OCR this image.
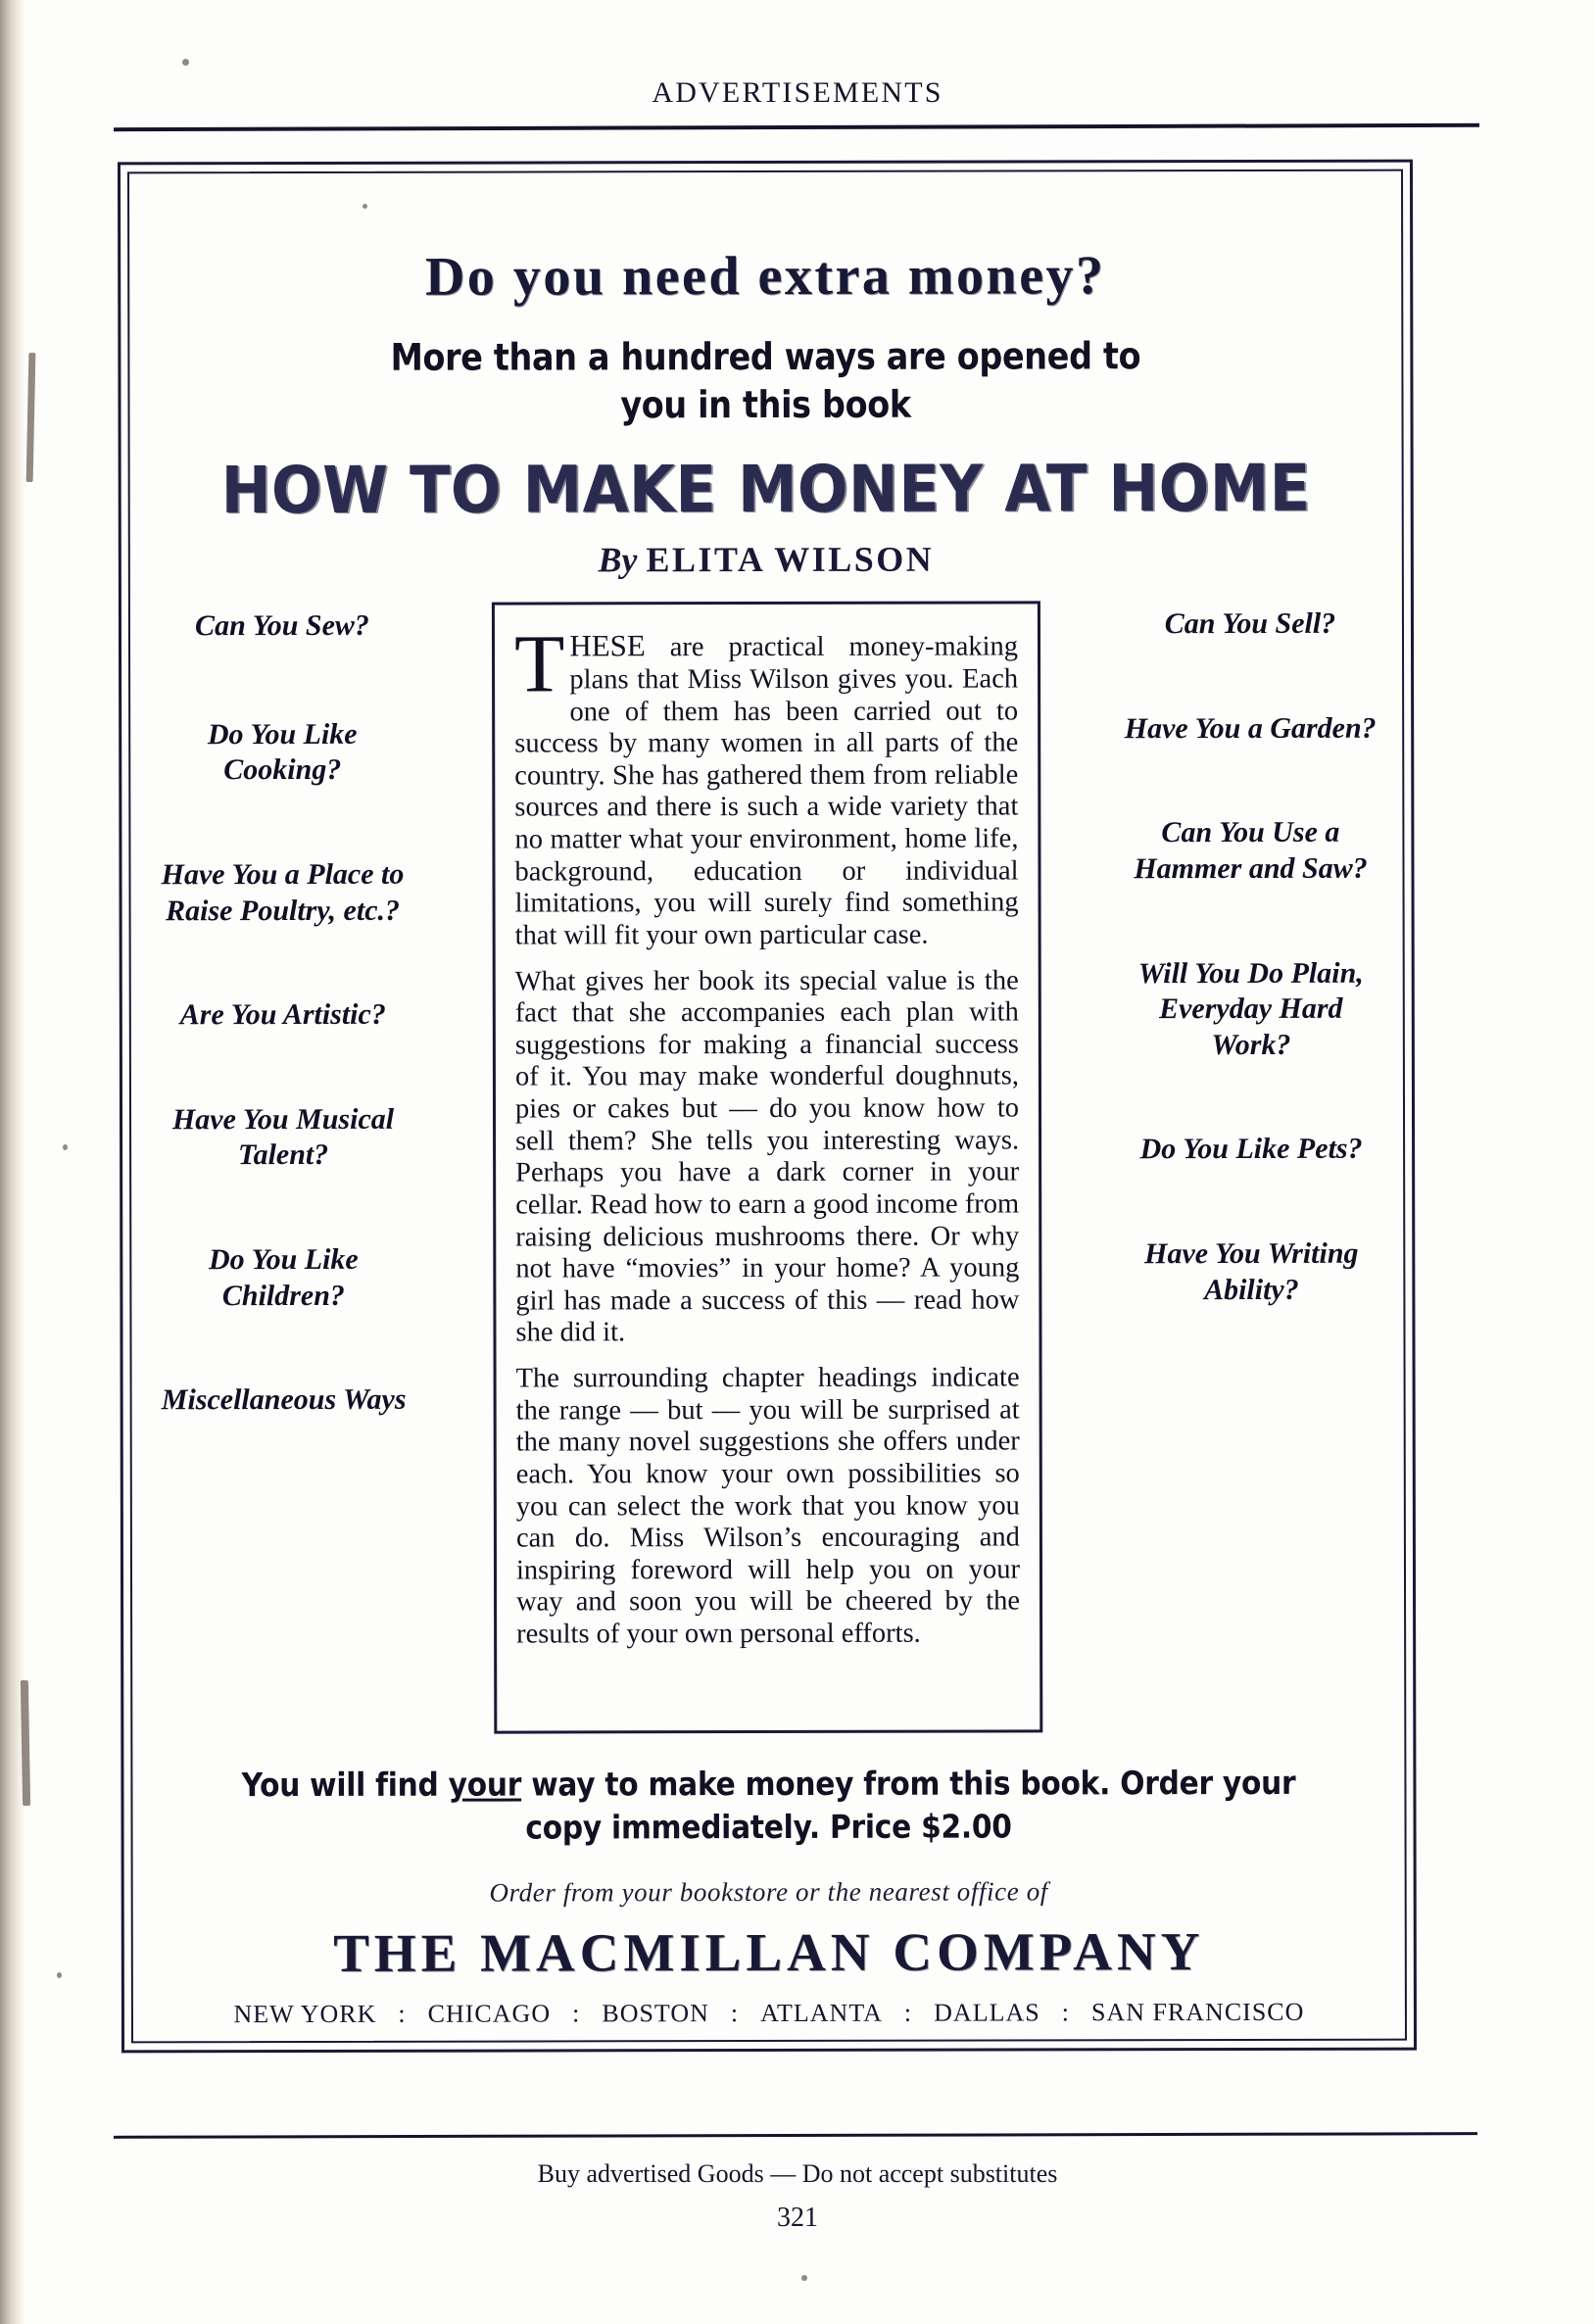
ADVERTISEMENTS
Do you need extra money?
More than a hundred ways are opened to
you in this book
HOW TO MAKE MONEY AT HOME
By ELITA WILSON
Can You Sew?
Do You Like Cooking?
Have You a Place to Raise Poultry, etc.?
Are You Artistic?
Have You Musical Talent?
Do You Like Children?
Miscellaneous Ways

THESE are practical money-making plans that Miss Wilson gives you. Each one of them has been carried out to success by many women in all parts of the country. She has gathered them from reliable sources and there is such a wide variety that no matter what your environment, home life, background, education or individual limitations, you will surely find something that will fit your own particular case.

What gives her book its special value is the fact that she accompanies each plan with suggestions for making a financial success of it. You may make wonderful doughnuts, pies or cakes but — do you know how to sell them? She tells you interesting ways. Perhaps you have a dark corner in your cellar. Read how to earn a good income from raising delicious mushrooms there. Or why not have “movies” in your home? A young girl has made a success of this — read how she did it.

The surrounding chapter headings indicate the range — but — you will be surprised at the many novel suggestions she offers under each. You know your own possibilities so you can select the work that you know you can do. Miss Wilson’s encouraging and inspiring foreword will help you on your way and soon you will be cheered by the results of your own personal efforts.

Can You Sell?
Have You a Garden?
Can You Use a Hammer and Saw?
Will You Do Plain, Everyday Hard Work?
Do You Like Pets?
Have You Writing Ability?
You will find your way to make money from this book. Order your copy immediately. Price $2.00
Order from your bookstore or the nearest office of
THE MACMILLAN COMPANY
NEW YORK : CHICAGO : BOSTON : ATLANTA : DALLAS : SAN FRANCISCO
Buy advertised Goods — Do not accept substitutes
321
